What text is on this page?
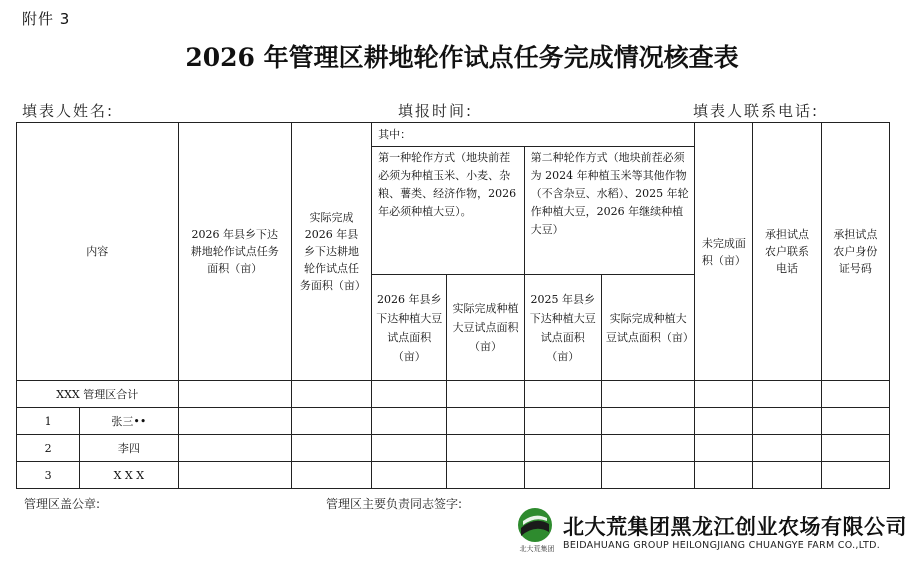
附件 3
2026 年管理区耕地轮作试点任务完成情况核查表
填表人姓名:	填报时间:	填表人联系电话:
内容		2026 年县乡下达耕地轮作试点任务面积（亩）	实际完成 2026 年县乡下达耕地轮作试点任务面积（亩）	其中：				未完成面积（亩）	承担试点农户联系电话	承担试点农户身份证号码
				第一种轮作方式（地块前茬必须为种植玉米、小麦、杂粮、薯类、经济作物，2026 年必须种植大豆）。		第二种轮作方式（地块前茬必须为 2024 年种植玉米等其他作物（不含杂豆、水稻）、2025 年轮作种植大豆，2026 年继续种植大豆）				
				2026 年县乡下达种植大豆试点面积（亩）	实际完成种植大豆试点面积（亩）	2025 年县乡下达种植大豆试点面积（亩）	实际完成种植大豆试点面积（亩）			
XXX 管理区合计										
1	张三••									
2	李四									
3	X X X									
管理区盖公章:	管理区主要负责同志签字:
北大荒集团
北大荒集团黑龙江创业农场有限公司
BEIDAHUANG GROUP HEILONGJIANG CHUANGYE FARM CO.,LTD.
